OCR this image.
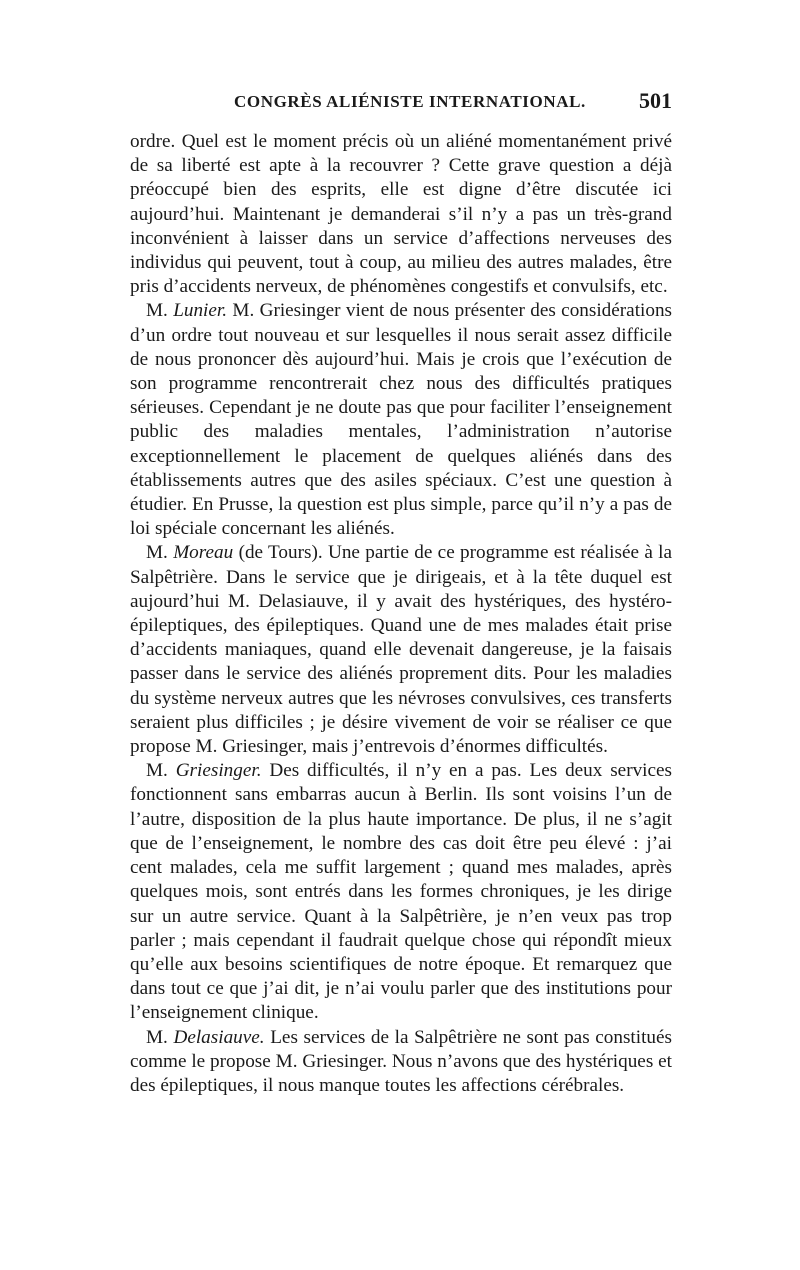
CONGRÈS ALIÉNISTE INTERNATIONAL. 501

ordre. Quel est le moment précis où un aliéné momentanément privé de sa liberté est apte à la recouvrer ? Cette grave question a déjà préoccupé bien des esprits, elle est digne d’être discutée ici aujourd’hui. Maintenant je demanderai s’il n’y a pas un très-grand inconvénient à laisser dans un service d’affections nerveuses des individus qui peuvent, tout à coup, au milieu des autres malades, être pris d’accidents nerveux, de phénomènes congestifs et convulsifs, etc.

M. Lunier. M. Griesinger vient de nous présenter des considérations d’un ordre tout nouveau et sur lesquelles il nous serait assez difficile de nous prononcer dès aujourd’hui. Mais je crois que l’exécution de son programme rencontrerait chez nous des difficultés pratiques sérieuses. Cependant je ne doute pas que pour faciliter l’enseignement public des maladies mentales, l’administration n’autorise exceptionnellement le placement de quelques aliénés dans des établissements autres que des asiles spéciaux. C’est une question à étudier. En Prusse, la question est plus simple, parce qu’il n’y a pas de loi spéciale concernant les aliénés.

M. Moreau (de Tours). Une partie de ce programme est réalisée à la Salpêtrière. Dans le service que je dirigeais, et à la tête duquel est aujourd’hui M. Delasiauve, il y avait des hystériques, des hystéro-épileptiques, des épileptiques. Quand une de mes malades était prise d’accidents maniaques, quand elle devenait dangereuse, je la faisais passer dans le service des aliénés proprement dits. Pour les maladies du système nerveux autres que les névroses convulsives, ces transferts seraient plus difficiles ; je désire vivement de voir se réaliser ce que propose M. Griesinger, mais j’entrevois d’énormes difficultés.

M. Griesinger. Des difficultés, il n’y en a pas. Les deux services fonctionnent sans embarras aucun à Berlin. Ils sont voisins l’un de l’autre, disposition de la plus haute importance. De plus, il ne s’agit que de l’enseignement, le nombre des cas doit être peu élevé : j’ai cent malades, cela me suffit largement ; quand mes malades, après quelques mois, sont entrés dans les formes chroniques, je les dirige sur un autre service. Quant à la Salpêtrière, je n’en veux pas trop parler ; mais cependant il faudrait quelque chose qui répondît mieux qu’elle aux besoins scientifiques de notre époque. Et remarquez que dans tout ce que j’ai dit, je n’ai voulu parler que des institutions pour l’enseignement clinique.

M. Delasiauve. Les services de la Salpêtrière ne sont pas constitués comme le propose M. Griesinger. Nous n’avons que des hystériques et des épileptiques, il nous manque toutes les affections cérébrales.
